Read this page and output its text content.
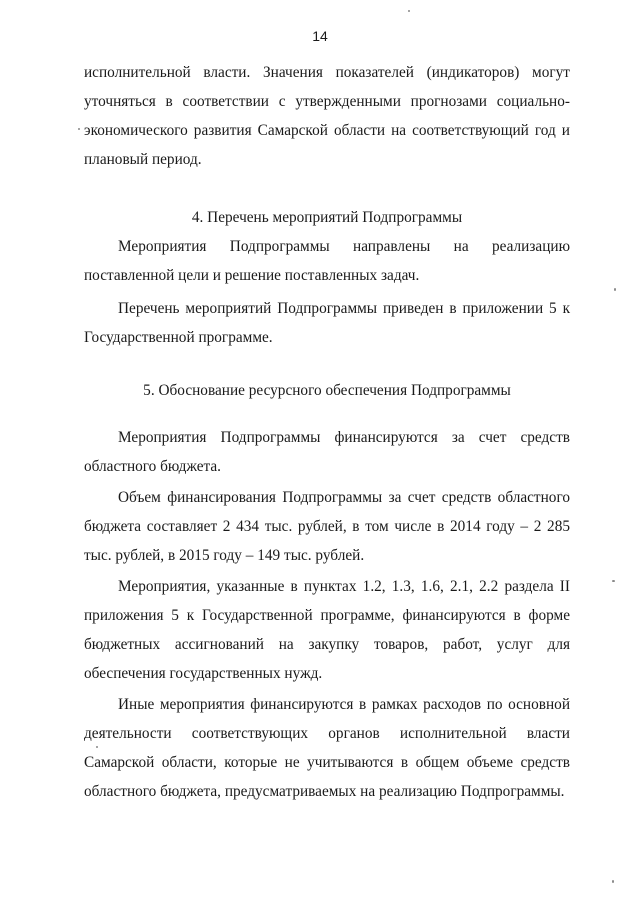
14

исполнительной власти. Значения показателей (индикаторов) могут уточняться в соответствии с утвержденными прогнозами социально-экономического развития Самарской области на соответствующий год и плановый период.

4. Перечень мероприятий Подпрограммы

Мероприятия Подпрограммы направлены на реализацию поставленной цели и решение поставленных задач.

Перечень мероприятий Подпрограммы приведен в приложении 5 к Государственной программе.

5. Обоснование ресурсного обеспечения Подпрограммы

Мероприятия Подпрограммы финансируются за счет средств областного бюджета.

Объем финансирования Подпрограммы за счет средств областного бюджета составляет 2 434 тыс. рублей, в том числе в 2014 году – 2 285 тыс. рублей, в 2015 году – 149 тыс. рублей.

Мероприятия, указанные в пунктах 1.2, 1.3, 1.6, 2.1, 2.2 раздела II приложения 5 к Государственной программе, финансируются в форме бюджетных ассигнований на закупку товаров, работ, услуг для обеспечения государственных нужд.

Иные мероприятия финансируются в рамках расходов по основной деятельности соответствующих органов исполнительной власти Самарской области, которые не учитываются в общем объеме средств областного бюджета, предусматриваемых на реализацию Подпрограммы.
